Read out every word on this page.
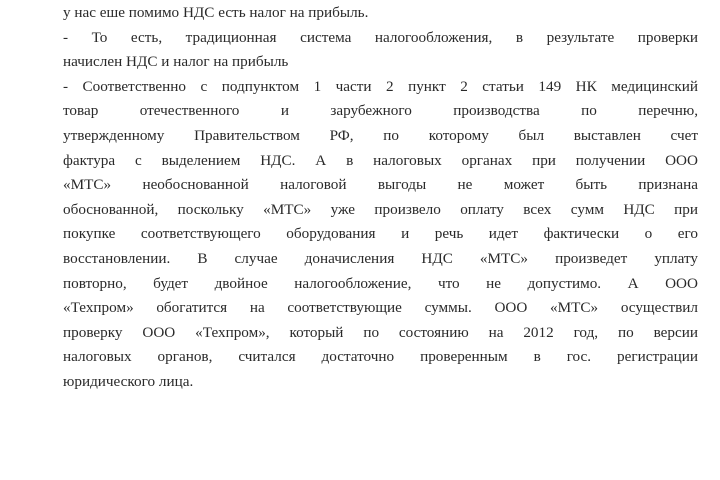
у нас еше помимо НДС есть налог на прибыль.
- То есть, традиционная система налогообложения, в результате проверки
начислен НДС и налог на прибыль
- Соответственно с подпунктом 1 части 2 пункт 2 статьи 149 НК медицинский
товар отечественного и зарубежного производства по перечню,
утвержденному Правительством РФ, по которому был выставлен счет
фактура с выделением НДС. А в налоговых органах при получении ООО
«МТС» необоснованной налоговой выгоды не может быть признана
обоснованной, поскольку «МТС» уже произвело оплату всех сумм НДС при
покупке соответствующего оборудования и речь идет фактически о его
восстановлении. В случае доначисления НДС «МТС» произведет уплату
повторно, будет двойное налогообложение, что не допустимо. А ООО
«Техпром» обогатится на соответствующие суммы. ООО «МТС» осуществил
проверку ООО «Техпром», который по состоянию на 2012 год, по версии
налоговых органов, считался достаточно проверенным в гос. регистрации
юридического лица.
